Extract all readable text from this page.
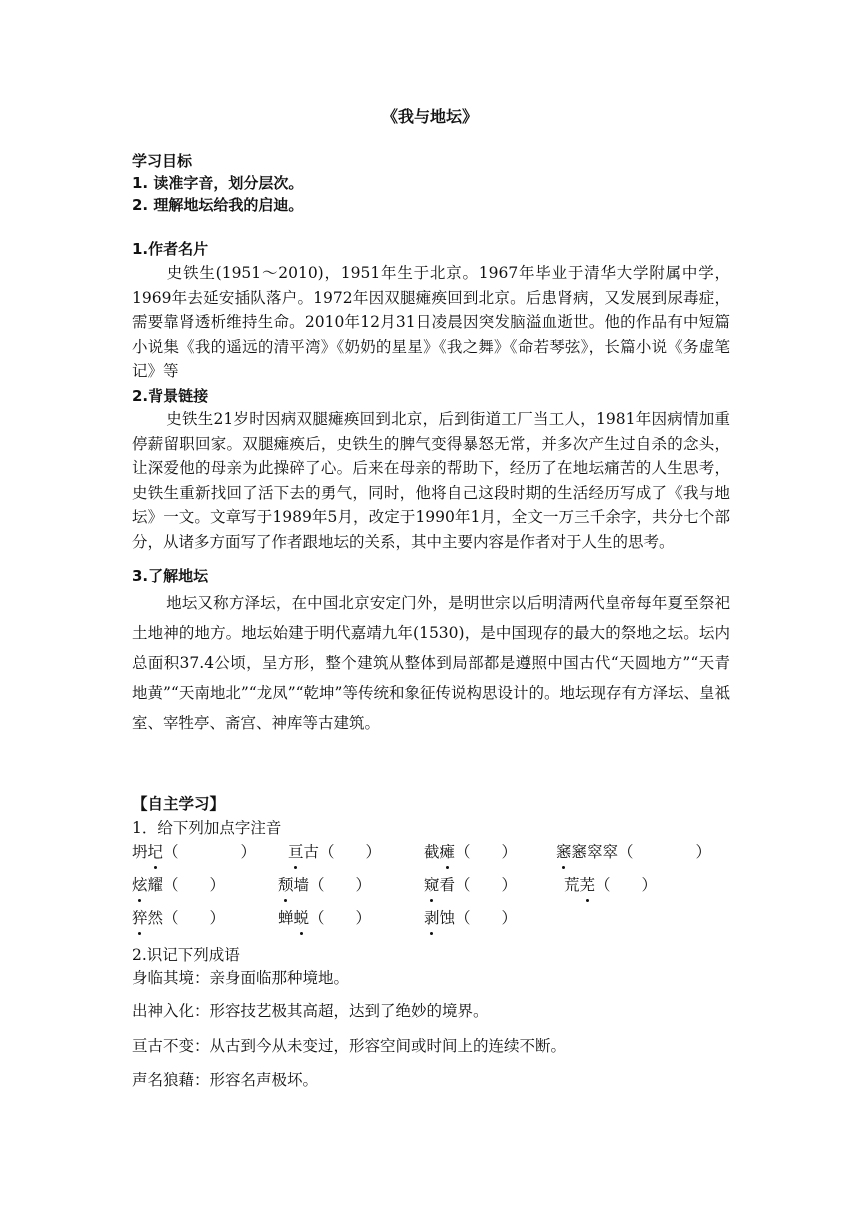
《我与地坛》
学习目标
1. 读准字音，划分层次。
2. 理解地坛给我的启迪。
1.作者名片
史铁生(1951～2010)，1951年生于北京。1967年毕业于清华大学附属中学，1969年去延安插队落户。1972年因双腿瘫痪回到北京。后患肾病，又发展到尿毒症，需要靠肾透析维持生命。2010年12月31日凌晨因突发脑溢血逝世。他的作品有中短篇小说集《我的遥远的清平湾》《奶奶的星星》《我之舞》《命若琴弦》，长篇小说《务虚笔记》等
2.背景链接
史铁生21岁时因病双腿瘫痪回到北京，后到街道工厂当工人，1981年因病情加重停薪留职回家。双腿瘫痪后，史铁生的脾气变得暴怒无常，并多次产生过自杀的念头，让深爱他的母亲为此操碎了心。后来在母亲的帮助下，经历了在地坛痛苦的人生思考，史铁生重新找回了活下去的勇气，同时，他将自己这段时期的生活经历写成了《我与地坛》一文。文章写于1989年5月，改定于1990年1月，全文一万三千余字，共分七个部分，从诸多方面写了作者跟地坛的关系，其中主要内容是作者对于人生的思考。
3.了解地坛
地坛又称方泽坛，在中国北京安定门外，是明世宗以后明清两代皇帝每年夏至祭祀土地神的地方。地坛始建于明代嘉靖九年(1530)，是中国现存的最大的祭地之坛。坛内总面积37.4公顷，呈方形，整个建筑从整体到局部都是遵照中国古代“天圆地方”“天青地黄”“天南地北”“龙凤”“乾坤”等传统和象征传说构思设计的。地坛现存有方泽坛、皇祗室、宰牲亭、斋宫、神库等古建筑。
【自主学习】
1．给下列加点字注音
坍圮（　　　　） 亘古（　　）	截瘫（　　）	窸窸窣窣（　　　　）
炫耀（　　）	颓墙（　　）	窥看（　　）	荒芜（　　）
猝然（　　）	蝉蜕（　　）	剥蚀（　　）
2.识记下列成语
身临其境：亲身面临那种境地。
出神入化：形容技艺极其高超，达到了绝妙的境界。
亘古不变：从古到今从未变过，形容空间或时间上的连续不断。
声名狼藉：形容名声极坏。
